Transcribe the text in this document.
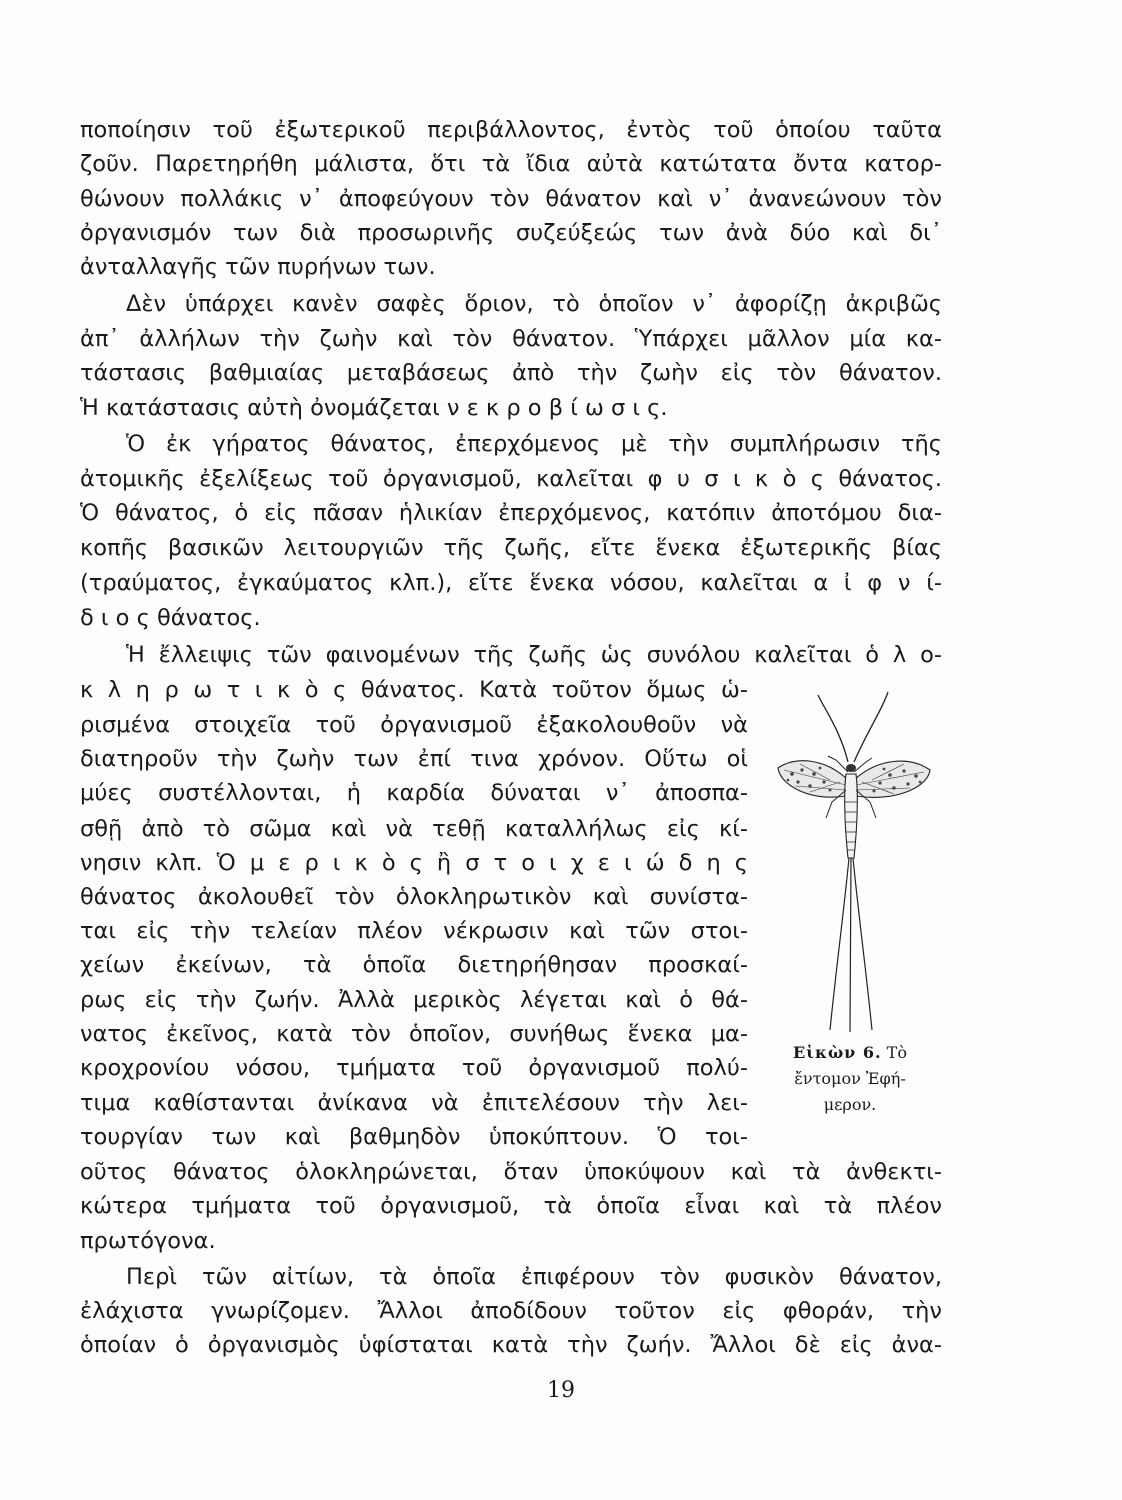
ποποίησιν τοῦ ἐξωτερικοῦ περιβάλλοντος, ἐντὸς τοῦ ὁποίου ταῦτα
ζοῦν. Παρετηρήθη μάλιστα, ὅτι τὰ ἴδια αὐτὰ κατώτατα ὄντα κατορ-
θώνουν πολλάκις ν᾿ ἀποφεύγουν τὸν θάνατον καὶ ν᾿ ἀνανεώνουν τὸν
ὀργανισμόν των διὰ προσωρινῆς συζεύξεώς των ἀνὰ δύο καὶ δι᾿
ἀνταλλαγῆς τῶν πυρήνων των.
Δὲν ὑπάρχει κανὲν σαφὲς ὅριον, τὸ ὁποῖον ν᾿ ἀφορίζῃ ἀκριβῶς
ἀπ᾿ ἀλλήλων τὴν ζωὴν καὶ τὸν θάνατον. Ὑπάρχει μᾶλλον μία κα-
τάστασις βαθμιαίας μεταβάσεως ἀπὸ τὴν ζωὴν εἰς τὸν θάνατον.
Ἡ κατάστασις αὐτὴ ὀνομάζεται ν ε κ ρ ο β ί ω σ ι ς.
Ὁ ἐκ γήρατος θάνατος, ἐπερχόμενος μὲ τὴν συμπλήρωσιν τῆς
ἀτομικῆς ἐξελίξεως τοῦ ὀργανισμοῦ, καλεῖται φ υ σ ι κ ὸ ς θάνατος.
Ὁ θάνατος, ὁ εἰς πᾶσαν ἡλικίαν ἐπερχόμενος, κατόπιν ἀποτόμου δια-
κοπῆς βασικῶν λειτουργιῶν τῆς ζωῆς, εἴτε ἕνεκα ἐξωτερικῆς βίας
(τραύματος, ἐγκαύματος κλπ.), εἴτε ἕνεκα νόσου, καλεῖται α ἰ φ ν ί-
δ ι ο ς θάνατος.
Ἡ ἔλλειψις τῶν φαινομένων τῆς ζωῆς ὡς συνόλου καλεῖται ὁ λ ο-
κ λ η ρ ω τ ι κ ὸ ς θάνατος. Κατὰ τοῦτον ὅμως ὡ-
ρισμένα στοιχεῖα τοῦ ὀργανισμοῦ ἐξακολουθοῦν νὰ
διατηροῦν τὴν ζωὴν των ἐπί τινα χρόνον. Οὕτω οἱ
μύες συστέλλονται, ἡ καρδία δύναται ν᾿ ἀποσπα-
σθῇ ἀπὸ τὸ σῶμα καὶ νὰ τεθῇ καταλλήλως εἰς κί-
νησιν κλπ. Ὁ μ ε ρ ι κ ὸ ς ἢ σ τ ο ι χ ε ι ώ δ η ς
θάνατος ἀκολουθεῖ τὸν ὁλοκληρωτικὸν καὶ συνίστα-
ται εἰς τὴν τελείαν πλέον νέκρωσιν καὶ τῶν στοι-
χείων ἐκείνων, τὰ ὁποῖα διετηρήθησαν προσκαί-
ρως εἰς τὴν ζωήν. Ἀλλὰ μερικὸς λέγεται καὶ ὁ θά-
νατος ἐκεῖνος, κατὰ τὸν ὁποῖον, συνήθως ἕνεκα μα-
κροχρονίου νόσου, τμήματα τοῦ ὀργανισμοῦ πολύ-
τιμα καθίστανται ἀνίκανα νὰ ἐπιτελέσουν τὴν λει-
τουργίαν των καὶ βαθμηδὸν ὑποκύπτουν. Ὁ τοι-
οῦτος θάνατος ὁλοκληρώνεται, ὅταν ὑποκύψουν καὶ τὰ ἀνθεκτι-
κώτερα τμήματα τοῦ ὀργανισμοῦ, τὰ ὁποῖα εἶναι καὶ τὰ πλέον
πρωτόγονα.
Περὶ τῶν αἰτίων, τὰ ὁποῖα ἐπιφέρουν τὸν φυσικὸν θάνατον,
ἐλάχιστα γνωρίζομεν. Ἄλλοι ἀποδίδουν τοῦτον εἰς φθοράν, τὴν
ὁποίαν ὁ ὀργανισμὸς ὑφίσταται κατὰ τὴν ζωήν. Ἄλλοι δὲ εἰς ἀνα-
Εἰκὼν 6. Τὸ
ἔντομον Ἐφή-
μερον.
19
